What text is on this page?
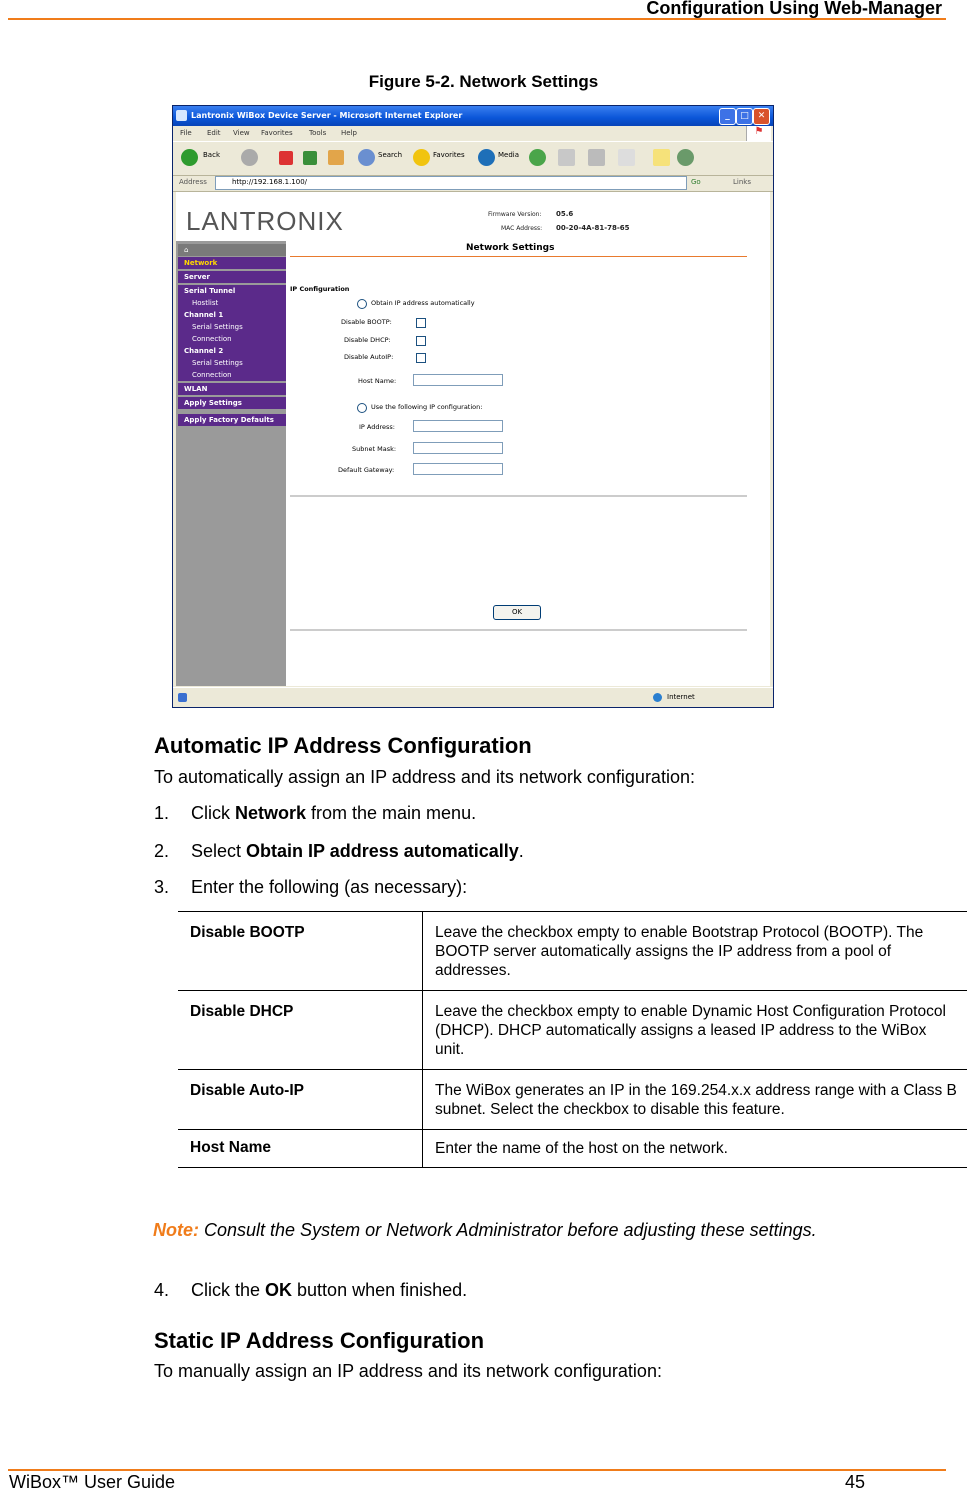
Configuration Using Web-Manager
Figure 5-2. Network Settings
Lantronix WiBox Device Server - Microsoft Internet Explorer	_	□ ✕
File Edit View Favorites Tools Help	⚑
Back	Search	Favorites	Media
Address	http://192.168.1.100/	Go	Links
LANTRONIX	Firmware Version: 05.6
MAC Address: 00-20-4A-81-78-65
⌂
Network
Server
Serial Tunnel
Hostlist
Channel 1
Serial Settings
Connection
Channel 2
Serial Settings
Connection
WLAN
Apply Settings
Apply Factory Defaults
Network Settings
IP Configuration
Obtain IP address automatically
Disable BOOTP:
Disable DHCP:
Disable AutoIP:
Host Name:
Use the following IP configuration:
IP Address:
Subnet Mask:
Default Gateway:
OK
Internet
Automatic IP Address Configuration
To automatically assign an IP address and its network configuration:
1. Click Network from the main menu.
2. Select Obtain IP address automatically.
3. Enter the following (as necessary):
Disable BOOTP	Leave the checkbox empty to enable Bootstrap Protocol (BOOTP). The BOOTP server automatically assigns the IP address from a pool of addresses.
Disable DHCP	Leave the checkbox empty to enable Dynamic Host Configuration Protocol (DHCP). DHCP automatically assigns a leased IP address to the WiBox unit.
Disable Auto-IP	The WiBox generates an IP in the 169.254.x.x address range with a Class B subnet. Select the checkbox to disable this feature.
Host Name	Enter the name of the host on the network.
Note: Consult the System or Network Administrator before adjusting these settings.
4. Click the OK button when finished.
Static IP Address Configuration
To manually assign an IP address and its network configuration:
WiBox™ User Guide	45
